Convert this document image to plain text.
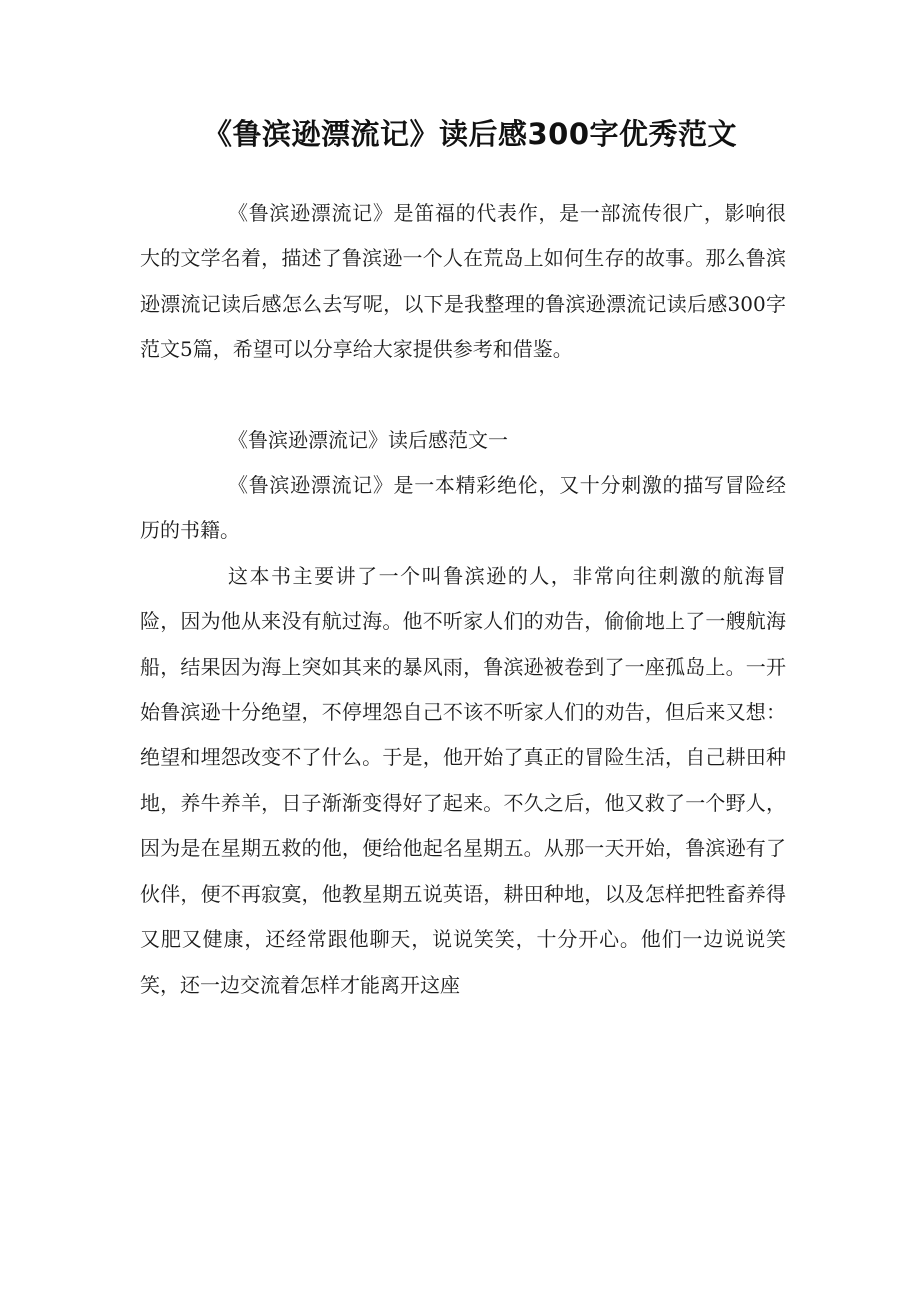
《鲁滨逊漂流记》读后感300字优秀范文

《鲁滨逊漂流记》是笛福的代表作，是一部流传很广，影响很大的文学名着，描述了鲁滨逊一个人在荒岛上如何生存的故事。那么鲁滨逊漂流记读后感怎么去写呢，以下是我整理的鲁滨逊漂流记读后感300字范文5篇，希望可以分享给大家提供参考和借鉴。

《鲁滨逊漂流记》读后感范文一

《鲁滨逊漂流记》是一本精彩绝伦，又十分刺激的描写冒险经历的书籍。

这本书主要讲了一个叫鲁滨逊的人，非常向往刺激的航海冒险，因为他从来没有航过海。他不听家人们的劝告，偷偷地上了一艘航海船，结果因为海上突如其来的暴风雨，鲁滨逊被卷到了一座孤岛上。一开始鲁滨逊十分绝望，不停埋怨自己不该不听家人们的劝告，但后来又想：绝望和埋怨改变不了什么。于是，他开始了真正的冒险生活，自己耕田种地，养牛养羊，日子渐渐变得好了起来。不久之后，他又救了一个野人，因为是在星期五救的他，便给他起名星期五。从那一天开始，鲁滨逊有了伙伴，便不再寂寞，他教星期五说英语，耕田种地，以及怎样把牲畜养得又肥又健康，还经常跟他聊天，说说笑笑，十分开心。他们一边说说笑笑，还一边交流着怎样才能离开这座
